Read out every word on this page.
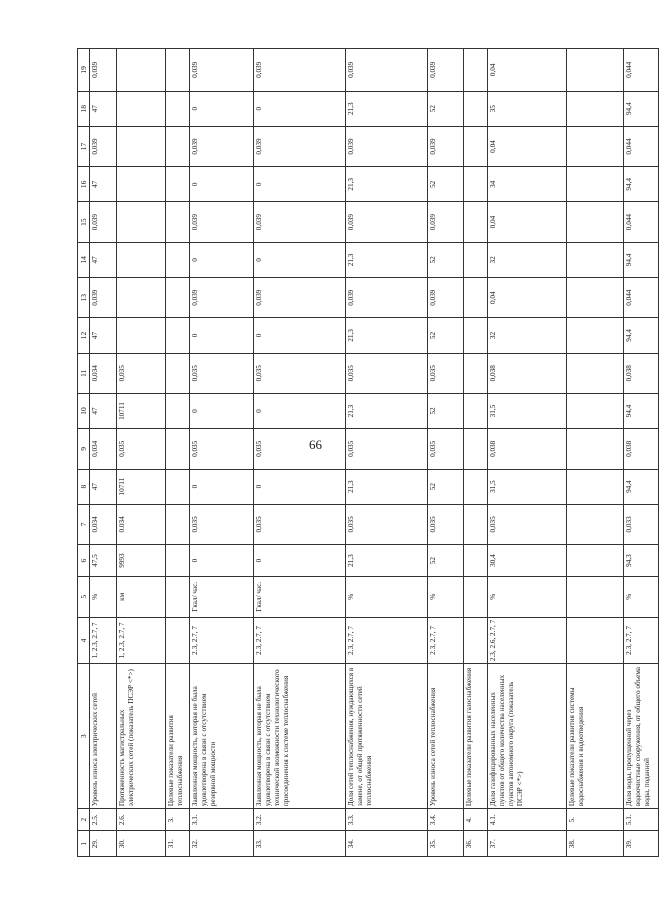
66
1	2	3	4	5	6	7	8	9	10	11	12	13	14	15	16	17	18	19
29.	2.5.	Уровень износа электрических сетей	1, 2.3, 2.7, 7	%	47,5	0,034	47	0,034	47	0,034	47	0,039	47	0,039	47	0,039	47	0,039
30.	2.6.	Протяженность магистральных электрических сетей (показатель ПСЭР <*>)	1, 2.3, 2.7, 7	км	9993	0.034	10711	0,035	10711	0,035								
31.	3.	Целевые показатели развития теплоснабжения																
32.	3.1.	Заявленная мощность, которая не была удовлетворена в связи с отсутствием резервной мощности	2.3, 2.7, 7	Гкал/ час.	0	0,035	0	0,035	0	0,035	0	0,039	0	0,039	0	0,039	0	0,039
33.	3.2.	Заявленная мощность, которая не была удовлетворена в связи с отсутствием технической возможности технологического присоединения к системе теплоснабжения	2.3, 2.7, 7	Гкал/ час.	0	0,035	0	0,035	0	0,035	0	0,039	0	0,039	0	0,039	0	0,039
34.	3.3.	Доля сетей теплоснабжения, нуждающихся в замене, от общей протяженности сетей теплоснабжения	2.3, 2.7, 7	%	21,3	0,035	21,3	0,035	21,3	0,035	21,3	0,039	21,3	0,039	21,3	0,039	21,3	0,039
35.	3.4.	Уровень износа сетей теплоснабжения	2.3, 2.7, 7	%	52	0,035	52	0,035	52	0,035	52	0,039	52	0,039	52	0,039	52	0,039
36.	4.	Целевые показатели развития газоснабжения																
37.	4.1.	Доля газифицированных населенных пунктов от общего количества населенных пунктов автономного округа (показатель ПСЭР <*>)	2.3, 2.6, 2.7, 7	%	30,4	0,035	31,5	0,038	31,5	0,038	32	0,04	32	0,04	34	0,04	35	0,04
38.	5.	Целевые показатели развития системы водоснабжения и водоотведения																
39.	5.1.	Доля воды, пропущенной через водоочистные сооружения, от общего объема воды, поданной	2.3, 2.7, 7	%	94,3	0,033	94,4	0,038	94,4	0,038	94,4	0,044	94,4	0,044	94,4	0,044	94,4	0,044
